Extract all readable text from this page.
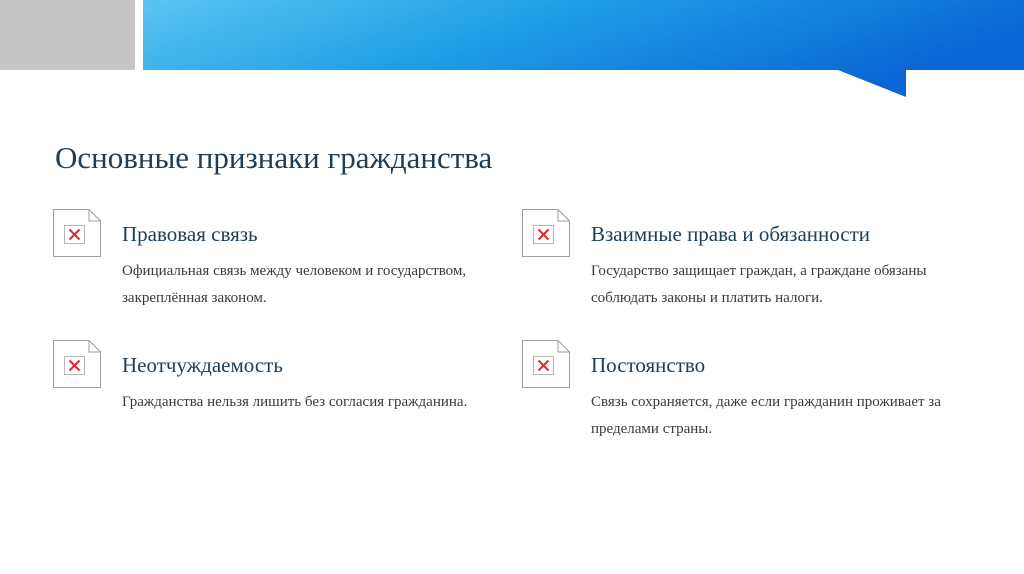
Основные признаки гражданства
Правовая связь

Официальная связь между человеком и государством, закреплённая законом.

Взаимные права и обязанности

Государство защищает граждан, а граждане обязаны соблюдать законы и платить налоги.

Неотчуждаемость

Гражданства нельзя лишить без согласия гражданина.

Постоянство

Связь сохраняется, даже если гражданин проживает за пределами страны.
